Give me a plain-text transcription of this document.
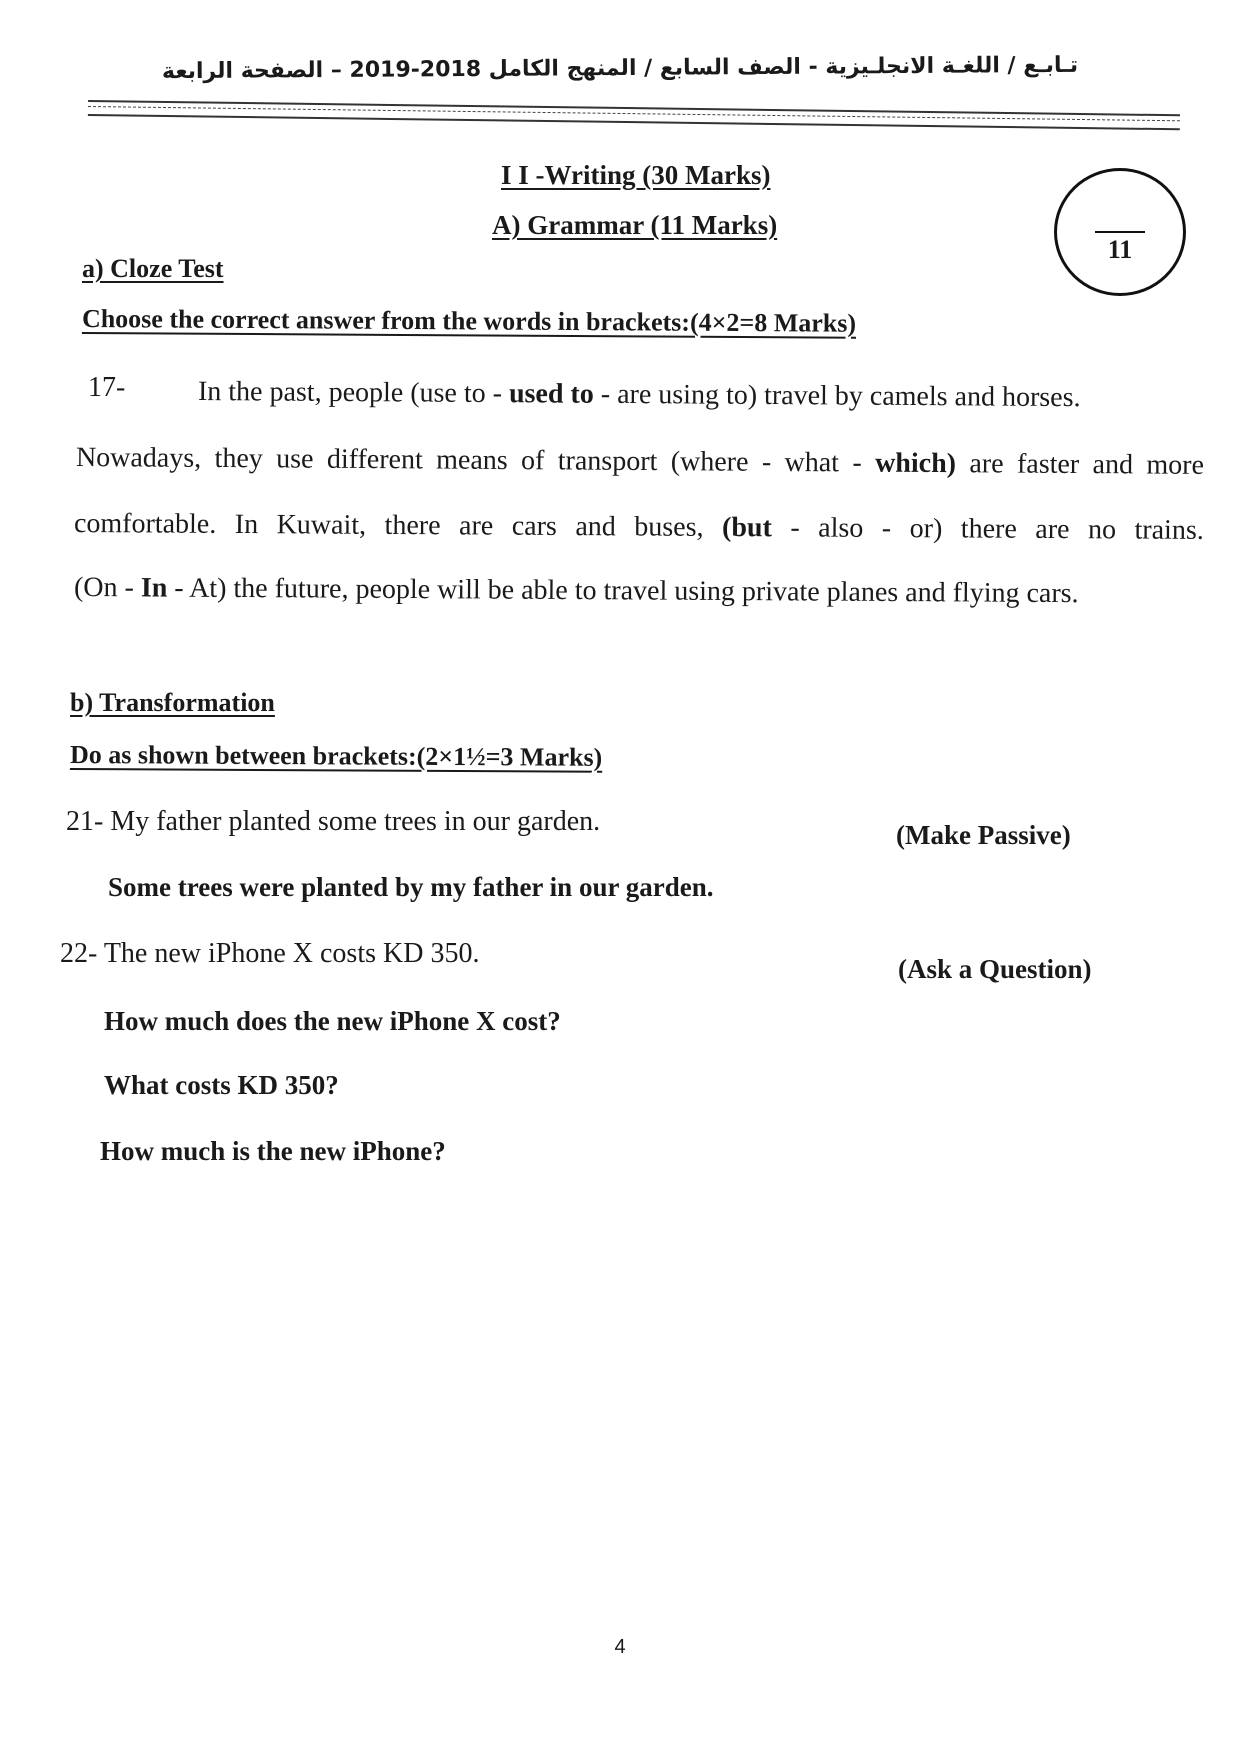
تـابـع / اللغـة الانجلـيزية - الصف السابع / المنهج الكامل 2018-2019 – الصفحة الرابعة
I I -Writing (30 Marks)
A) Grammar (11 Marks)
11
a) Cloze Test
Choose the correct answer from the words in brackets:(4×2=8 Marks)
17-	In the past, people (use to - used to - are using to) travel by camels and horses.
Nowadays, they use different means of transport (where - what - which) are faster and more
comfortable. In Kuwait, there are cars and buses, (but - also - or) there are no trains.
(On - In - At) the future, people will be able to travel using private planes and flying cars.
b) Transformation
Do as shown between brackets:(2×1½=3 Marks)
21- My father planted some trees in our garden.	(Make Passive)
Some trees were planted by my father in our garden.
22- The new iPhone X costs KD 350.	(Ask a Question)
How much does the new iPhone X cost?
What costs KD 350?
How much is the new iPhone?
4
